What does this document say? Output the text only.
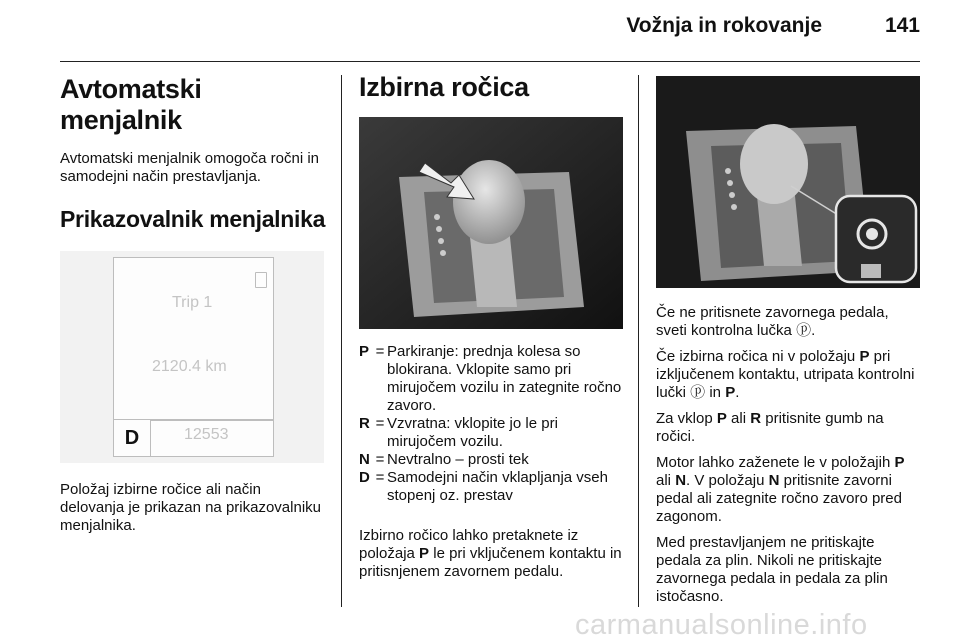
Vožnja in rokovanje	141
Avtomatski menjalnik

Avtomatski menjalnik omogoča ročni in samodejni način prestavljanja.

Prikazovalnik menjalnika
Trip 1
2120.4 km
D	12553

Položaj izbirne ročice ali način delovanja je prikazan na prikazovalniku menjalnika.

Izbirna ročica
P = Parkiranje: prednja kolesa so blokirana. Vklopite samo pri mirujočem vozilu in zategnite ročno zavoro.
R = Vzvratna: vklopite jo le pri mirujočem vozilu.
N = Nevtralno – prosti tek
D = Samodejni način vklapljanja vseh stopenj oz. prestav

Izbirno ročico lahko pretaknete iz položaja P le pri vključenem kontaktu in pritisnjenem zavornem pedalu.

Če ne pritisnete zavornega pedala, sveti kontrolna lučka ⓟ.

Če izbirna ročica ni v položaju P pri izključenem kontaktu, utripata kontrolni lučki ⓟ in P.

Za vklop P ali R pritisnite gumb na ročici.

Motor lahko zaženete le v položajih P ali N. V položaju N pritisnite zavorni pedal ali zategnite ročno zavoro pred zagonom.

Med prestavljanjem ne pritiskajte pedala za plin. Nikoli ne pritiskajte zavornega pedala in pedala za plin istočasno.

carmanualsonline.info
